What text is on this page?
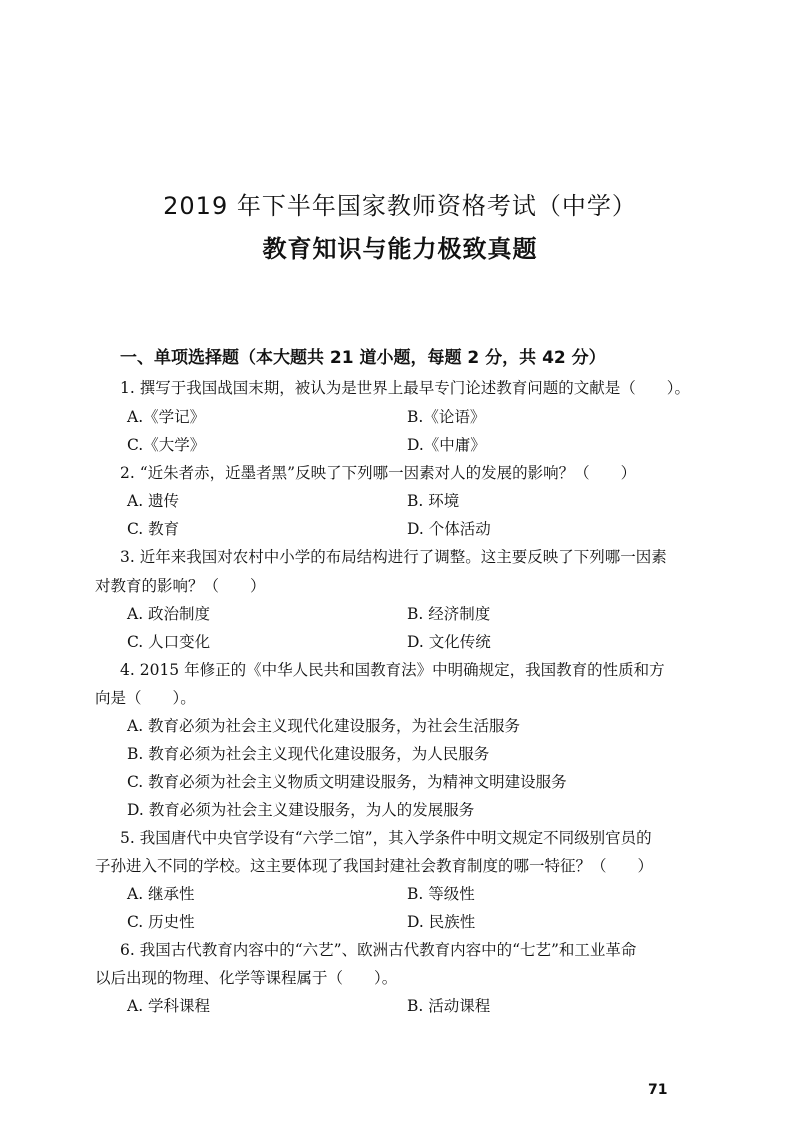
2019 年下半年国家教师资格考试（中学）
教育知识与能力极致真题
一、单项选择题（本大题共 21 道小题，每题 2 分，共 42 分）
1. 撰写于我国战国末期，被认为是世界上最早专门论述教育问题的文献是（　　）。
A.《学记》	B.《论语》
C.《大学》	D.《中庸》
2. “近朱者赤，近墨者黑”反映了下列哪一因素对人的发展的影响？（　　）
A. 遗传	B. 环境
C. 教育	D. 个体活动
3. 近年来我国对农村中小学的布局结构进行了调整。这主要反映了下列哪一因素
对教育的影响？（　　）
A. 政治制度	B. 经济制度
C. 人口变化	D. 文化传统
4. 2015 年修正的《中华人民共和国教育法》中明确规定，我国教育的性质和方
向是（　　）。
A. 教育必须为社会主义现代化建设服务，为社会生活服务
B. 教育必须为社会主义现代化建设服务，为人民服务
C. 教育必须为社会主义物质文明建设服务，为精神文明建设服务
D. 教育必须为社会主义建设服务，为人的发展服务
5. 我国唐代中央官学设有“六学二馆”，其入学条件中明文规定不同级别官员的
子孙进入不同的学校。这主要体现了我国封建社会教育制度的哪一特征？（　　）
A. 继承性	B. 等级性
C. 历史性	D. 民族性
6. 我国古代教育内容中的“六艺”、欧洲古代教育内容中的“七艺”和工业革命
以后出现的物理、化学等课程属于（　　）。
A. 学科课程	B. 活动课程
71
